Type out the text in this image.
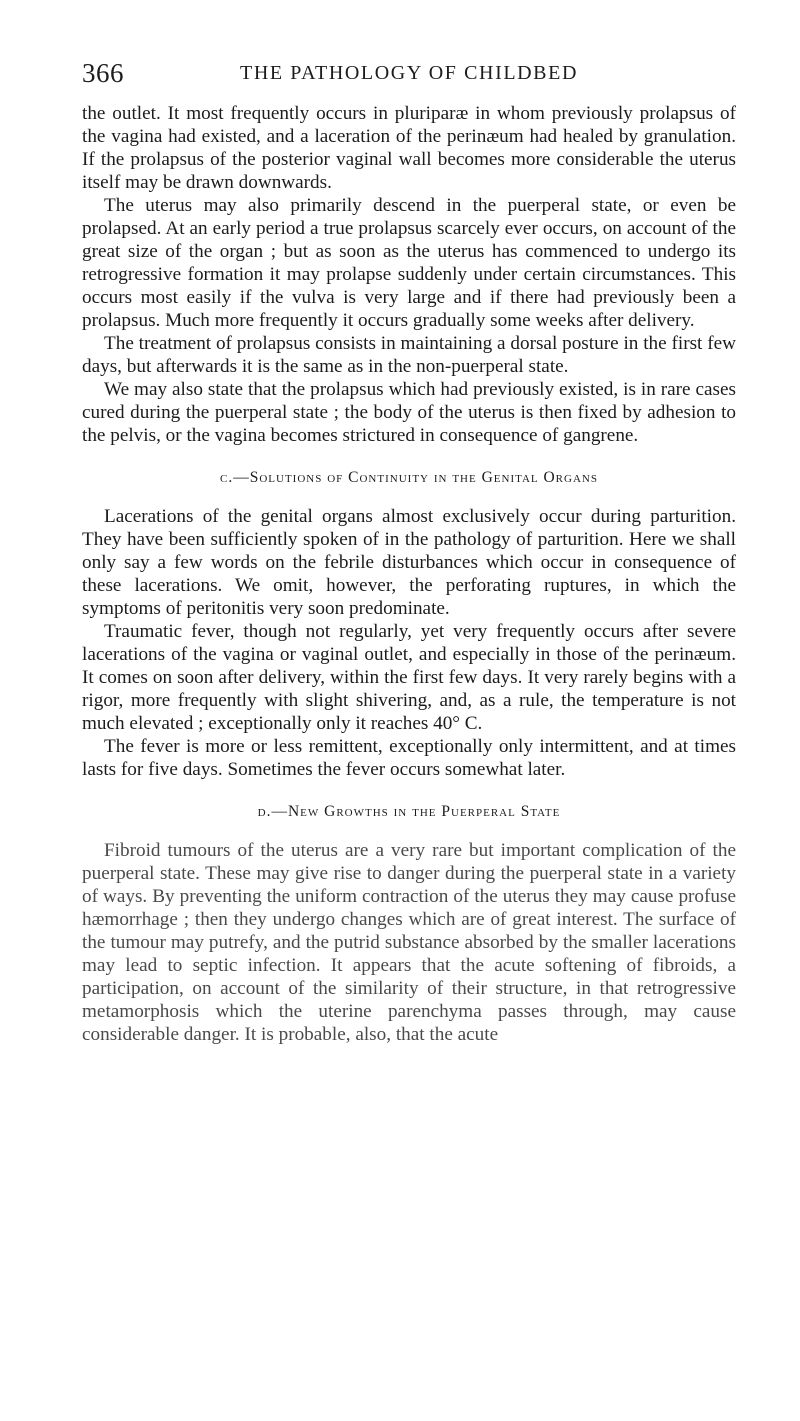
366	THE PATHOLOGY OF CHILDBED

the outlet. It most frequently occurs in pluriparæ in whom previously prolapsus of the vagina had existed, and a laceration of the perinæum had healed by granulation. If the prolapsus of the posterior vaginal wall becomes more considerable the uterus itself may be drawn downwards.

The uterus may also primarily descend in the puerperal state, or even be prolapsed. At an early period a true prolapsus scarcely ever occurs, on account of the great size of the organ ; but as soon as the uterus has commenced to undergo its retrogressive formation it may prolapse suddenly under certain circumstances. This occurs most easily if the vulva is very large and if there had previously been a prolapsus. Much more frequently it occurs gradually some weeks after delivery.

The treatment of prolapsus consists in maintaining a dorsal posture in the first few days, but afterwards it is the same as in the non-puerperal state.

We may also state that the prolapsus which had previously existed, is in rare cases cured during the puerperal state ; the body of the uterus is then fixed by adhesion to the pelvis, or the vagina becomes strictured in consequence of gangrene.

c.—Solutions of Continuity in the Genital Organs

Lacerations of the genital organs almost exclusively occur during parturition. They have been sufficiently spoken of in the pathology of parturition. Here we shall only say a few words on the febrile disturbances which occur in consequence of these lacerations. We omit, however, the perforating ruptures, in which the symptoms of peritonitis very soon predominate.

Traumatic fever, though not regularly, yet very frequently occurs after severe lacerations of the vagina or vaginal outlet, and especially in those of the perinæum. It comes on soon after delivery, within the first few days. It very rarely begins with a rigor, more frequently with slight shivering, and, as a rule, the temperature is not much elevated ; exceptionally only it reaches 40° C.

The fever is more or less remittent, exceptionally only intermittent, and at times lasts for five days. Sometimes the fever occurs somewhat later.

d.—New Growths in the Puerperal State

Fibroid tumours of the uterus are a very rare but important complication of the puerperal state. These may give rise to danger during the puerperal state in a variety of ways. By preventing the uniform contraction of the uterus they may cause profuse hæmorrhage ; then they undergo changes which are of great interest. The surface of the tumour may putrefy, and the putrid substance absorbed by the smaller lacerations may lead to septic infection. It appears that the acute softening of fibroids, a participation, on account of the similarity of their structure, in that retrogressive metamorphosis which the uterine parenchyma passes through, may cause considerable danger. It is probable, also, that the acute
